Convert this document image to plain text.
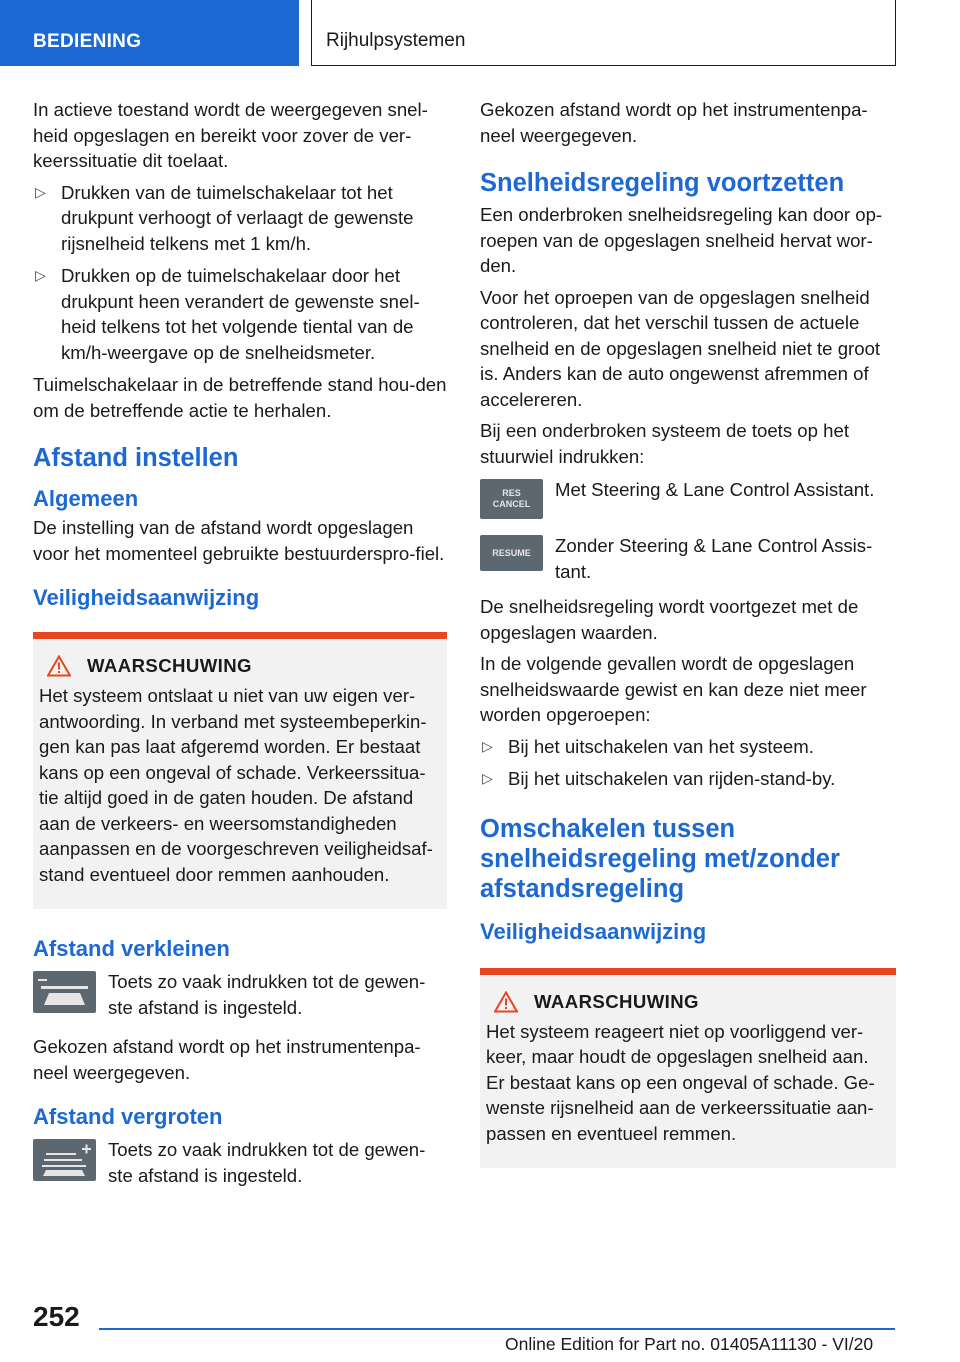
BEDIENING	Rijhulpsystemen

In actieve toestand wordt de weergegeven snel-heid opgeslagen en bereikt voor zover de ver-keerssituatie dit toelaat.

▷ Drukken van de tuimelschakelaar tot het drukpunt verhoogt of verlaagt de gewenste rijsnelheid telkens met 1 km/h.
▷ Drukken op de tuimelschakelaar door het drukpunt heen verandert de gewenste snel-heid telkens tot het volgende tiental van de km/h-weergave op de snelheidsmeter.

Tuimelschakelaar in de betreffende stand hou-den om de betreffende actie te herhalen.

Afstand instellen
Algemeen

De instelling van de afstand wordt opgeslagen voor het momenteel gebruikte bestuurderspro-fiel.

Veiligheidsaanwijzing
WAARSCHUWING

Het systeem ontslaat u niet van uw eigen ver-antwoording. In verband met systeembeperkin-gen kan pas laat afgeremd worden. Er bestaat kans op een ongeval of schade. Verkeerssitua-tie altijd goed in de gaten houden. De afstand aan de verkeers- en weersomstandigheden aanpassen en de voorgeschreven veiligheidsaf-stand eventueel door remmen aanhouden.

Afstand verkleinen

Toets zo vaak indrukken tot de gewen-ste afstand is ingesteld.

Gekozen afstand wordt op het instrumentenpa-neel weergegeven.

Afstand vergroten

Toets zo vaak indrukken tot de gewen-ste afstand is ingesteld.

Gekozen afstand wordt op het instrumentenpa-neel weergegeven.

Snelheidsregeling voortzetten

Een onderbroken snelheidsregeling kan door op-roepen van de opgeslagen snelheid hervat wor-den.

Voor het oproepen van de opgeslagen snelheid controleren, dat het verschil tussen de actuele snelheid en de opgeslagen snelheid niet te groot is. Anders kan de auto ongewenst afremmen of accelereren.

Bij een onderbroken systeem de toets op het stuurwiel indrukken:

RES
CANCEL

Met Steering & Lane Control Assistant.

RESUME Zonder Steering & Lane Control Assis-tant.

De snelheidsregeling wordt voortgezet met de opgeslagen waarden.

In de volgende gevallen wordt de opgeslagen snelheidswaarde gewist en kan deze niet meer worden opgeroepen:

▷ Bij het uitschakelen van het systeem.
▷ Bij het uitschakelen van rijden-stand-by.
Omschakelen tussen snelheidsregeling met/zonder afstandsregeling
Veiligheidsaanwijzing
WAARSCHUWING

Het systeem reageert niet op voorliggend ver-keer, maar houdt de opgeslagen snelheid aan. Er bestaat kans op een ongeval of schade. Ge-wenste rijsnelheid aan de verkeerssituatie aan-passen en eventueel remmen.

252
Online Edition for Part no. 01405A11130 - VI/20
